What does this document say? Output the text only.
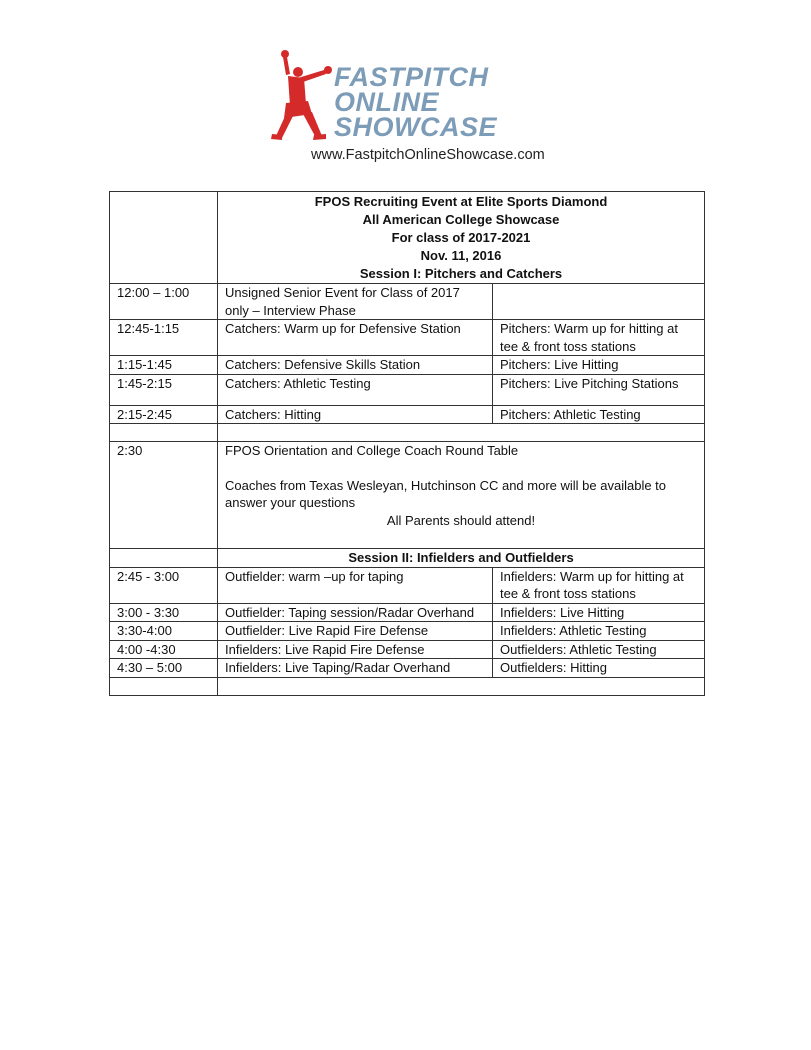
FASTPITCH
ONLINE
SHOWCASE
www.FastpitchOnlineShowcase.com

	FPOS Recruiting Event at Elite Sports Diamond
All American College Showcase
For class of 2017-2021
Nov. 11, 2016
Session I: Pitchers and Catchers	

12:00 – 1:00	Unsigned Senior Event for Class of 2017 only – Interview Phase	
12:45-1:15	Catchers: Warm up for Defensive Station	Pitchers: Warm up for hitting at tee & front toss stations
1:15-1:45	Catchers: Defensive Skills Station	Pitchers: Live Hitting
1:45-2:15	Catchers: Athletic Testing	Pitchers: Live Pitching Stations
2:15-2:45	Catchers: Hitting	Pitchers: Athletic Testing

2:30	FPOS Orientation and College Coach Round Table
Coaches from Texas Wesleyan, Hutchinson CC and more will be available to answer your questions
All Parents should attend!	

	Session II: Infielders and Outfielders	
2:45 - 3:00	Outfielder: warm –up for taping	Infielders: Warm up for hitting at tee & front toss stations
3:00 - 3:30	Outfielder: Taping session/Radar Overhand	Infielders: Live Hitting
3:30-4:00	Outfielder: Live Rapid Fire Defense	Infielders: Athletic Testing
4:00 -4:30	Infielders: Live Rapid Fire Defense	Outfielders: Athletic Testing
4:30 – 5:00	Infielders: Live Taping/Radar Overhand	Outfielders: Hitting
